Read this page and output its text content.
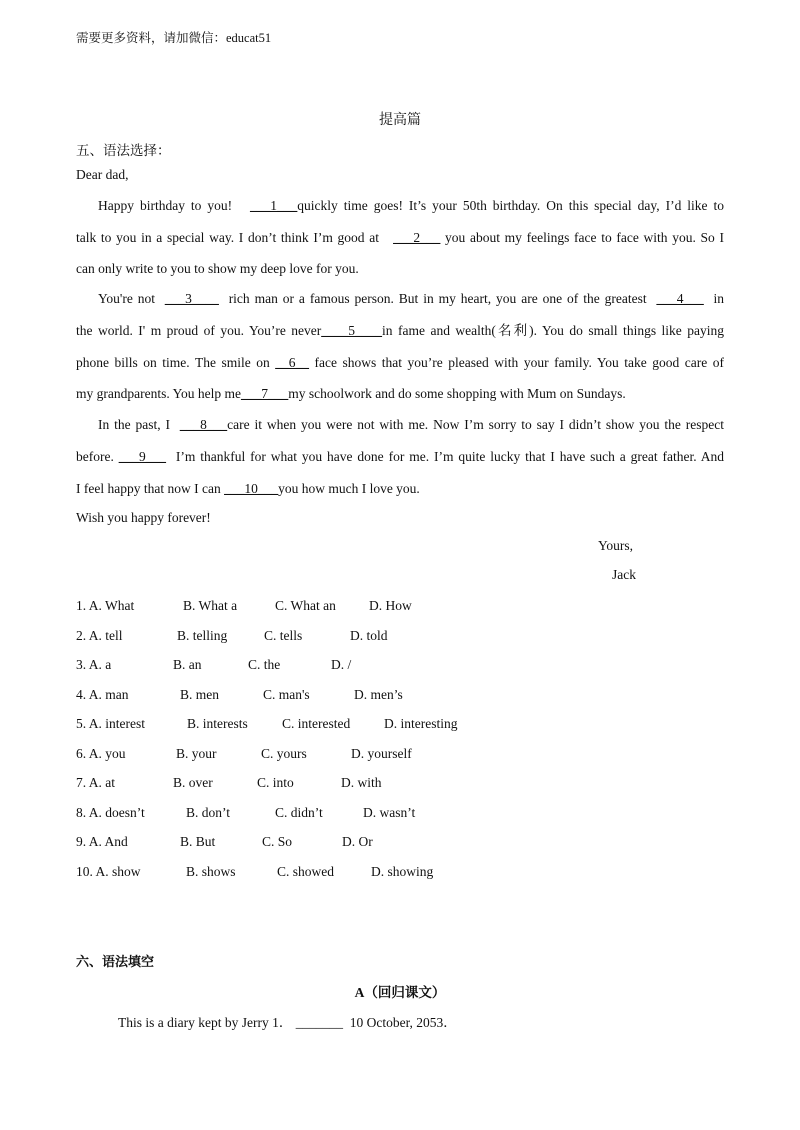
需要更多资料，请加微信：educat51
提高篇
五、语法选择：
Dear dad,
Happy birthday to you! ___1___quickly time goes! It’s your 50th birthday. On this special day, I’d like to
talk to you in a special way. I don’t think I’m good at ___2___ you about my feelings face to face with you. So I
can only write to you to show my deep love for you.
You're not ___3____ rich man or a famous person. But in my heart, you are one of the greatest ___4___ in
the world. I' m proud of you. You’re never____5____in fame and wealth(名利). You do small things like paying
phone bills on time. The smile on __6__ face shows that you’re pleased with your family. You take good care of
my grandparents. You help me___7___my schoolwork and do some shopping with Mum on Sundays.
In the past, I ___8___care it when you were not with me. Now I’m sorry to say I didn’t show you the respect
before. ___9___ I’m thankful for what you have done for me. I’m quite lucky that I have such a great father. And
I feel happy that now I can ___10___you how much I love you.
Wish you happy forever!
Yours,
Jack
1. A. What	B. What a	C. What an D. How
2. A. tell	B. telling	C. tells	D. told
3. A. a	B. an	C. the	D. /
4. A. man	B. men	C. man's	D. men’s
5. A. interest	B. interests	C. interested	D. interesting
6. A. you	B. your	C. yours	D. yourself
7. A. at	B. over	C. into	D. with
8. A. doesn’t	B. don’t	C. didn’t	D. wasn’t
9. A. And	B. But	C. So	D. Or
10. A. show	B. shows	C. showed	D. showing
六、语法填空
A（回归课文）
This is a diary kept by Jerry 1． _______ 10 October, 2053．
